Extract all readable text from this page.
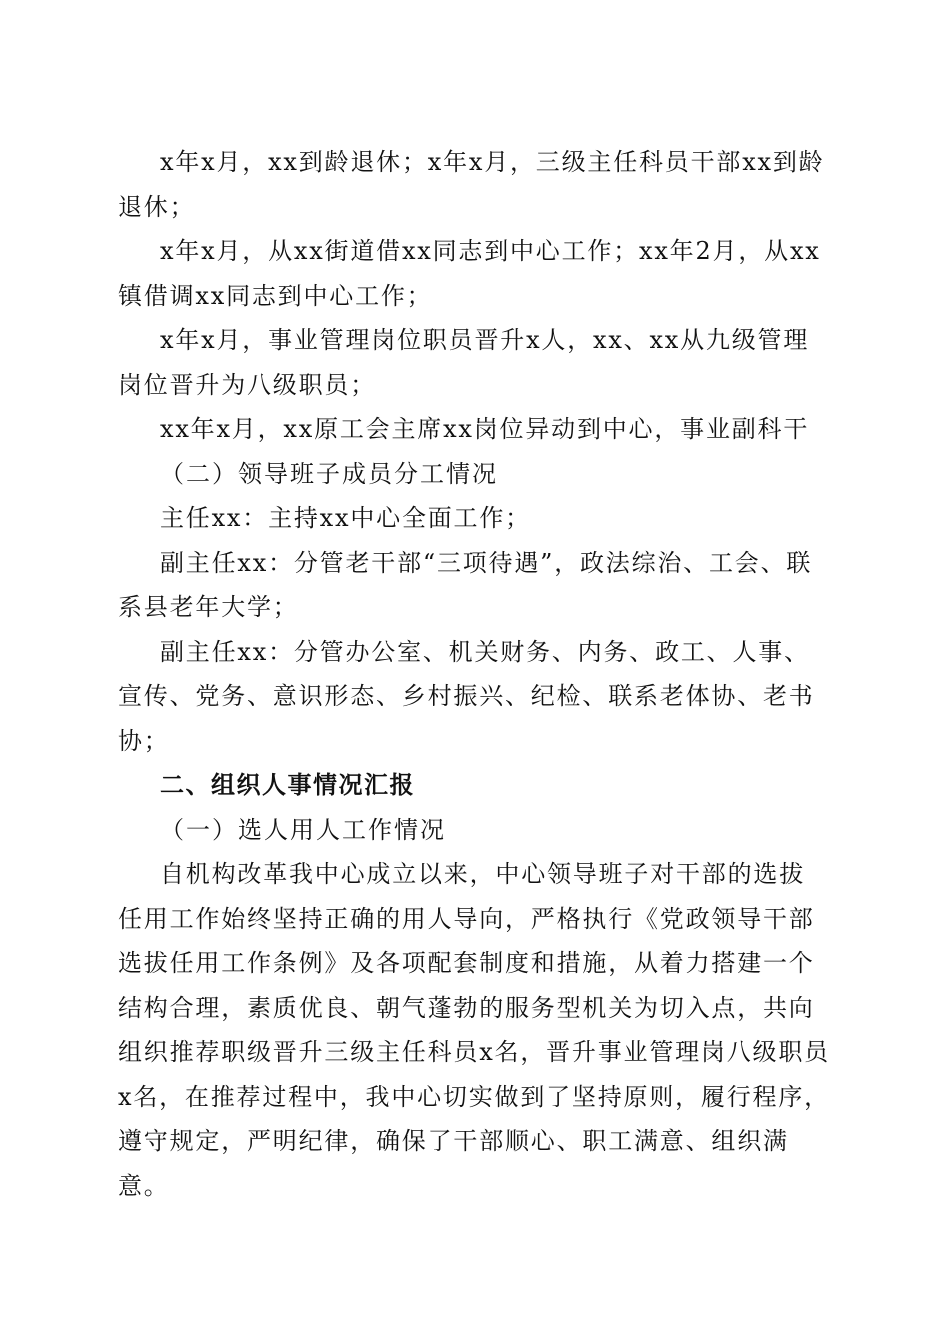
x年x月，xx到龄退休；x年x月，三级主任科员干部xx到龄退休；

x年x月，从xx街道借xx同志到中心工作；xx年2月，从xx镇借调xx同志到中心工作；

x年x月，事业管理岗位职员晋升x人，xx、xx从九级管理岗位晋升为八级职员；

xx年x月，xx原工会主席xx岗位异动到中心，事业副科干

（二）领导班子成员分工情况

主任xx：主持xx中心全面工作；

副主任xx：分管老干部“三项待遇”，政法综治、工会、联系县老年大学；

副主任xx：分管办公室、机关财务、内务、政工、人事、宣传、党务、意识形态、乡村振兴、纪检、联系老体协、老书协；

二、组织人事情况汇报

（一）选人用人工作情况

自机构改革我中心成立以来，中心领导班子对干部的选拔任用工作始终坚持正确的用人导向，严格执行《党政领导干部选拔任用工作条例》及各项配套制度和措施，从着力搭建一个结构合理，素质优良、朝气蓬勃的服务型机关为切入点，共向组织推荐职级晋升三级主任科员x名，晋升事业管理岗八级职员x名，在推荐过程中，我中心切实做到了坚持原则，履行程序，遵守规定，严明纪律，确保了干部顺心、职工满意、组织满意。
